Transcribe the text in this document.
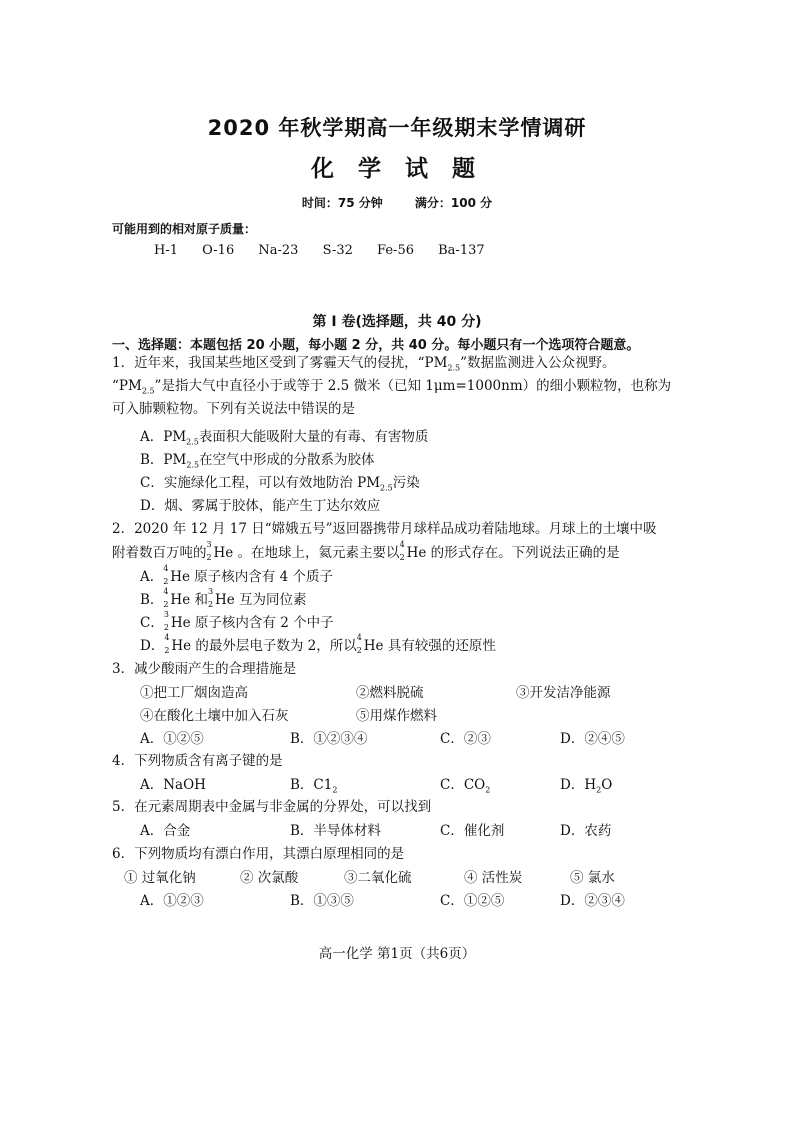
2020 年秋学期高一年级期末学情调研
化 学 试 题
时间：75 分钟	满分：100 分
可能用到的相对原子质量：
H-1 O-16 Na-23 S-32 Fe-56 Ba-137
第 I 卷(选择题，共 40 分)
一、选择题：本题包括 20 小题，每小题 2 分，共 40 分。每小题只有一个选项符合题意。
1．近年来，我国某些地区受到了雾霾天气的侵扰，“$PM_{2.5}$”数据监测进入公众视野。
“$PM_{2.5}$”是指大气中直径小于或等于 2.5 微米（已知 1μm=1000nm）的细小颗粒物，也称为
可入肺颗粒物。下列有关说法中错误的是
A．$PM_{2.5}$表面积大能吸附大量的有毒、有害物质
B．$PM_{2.5}$在空气中形成的分散系为胶体
C．实施绿化工程，可以有效地防治 $PM_{2.5}$污染
D．烟、雾属于胶体，能产生丁达尔效应
2．2020 年 12 月 17 日“嫦娥五号”返回器携带月球样品成功着陆地球。月球上的土壤中吸
附着数百万吨的
3
2 He 。在地球上，氦元素主要以
4
2 He 的形式存在。下列说法正确的是
A．
4
2 He 原子核内含有 4 个质子
B．
4
2 He 和
3
2 He 互为同位素
C．
3
2 He 原子核内含有 2 个中子
D．
4
2 He 的最外层电子数为 2，所以
4
2 He 具有较强的还原性
3．减少酸雨产生的合理措施是
①把工厂烟囱造高	②燃料脱硫	③开发洁净能源
④在酸化土壤中加入石灰	⑤用煤作燃料
A．①②⑤	B．①②③④	C．②③	D．②④⑤
4．下列物质含有离子键的是
A．NaOH	B．$C1_2$	C．$CO_2$	D．$H_2O$
5．在元素周期表中金属与非金属的分界处，可以找到
A．合金	B．半导体材料	C．催化剂	D．农药
6．下列物质均有漂白作用，其漂白原理相同的是
① 过氧化钠	② 次氯酸	③二氧化硫	④ 活性炭	⑤ 氯水
A．①②③	B．①③⑤	C．①②⑤	D．②③④
高一化学 第1页（共6页）
